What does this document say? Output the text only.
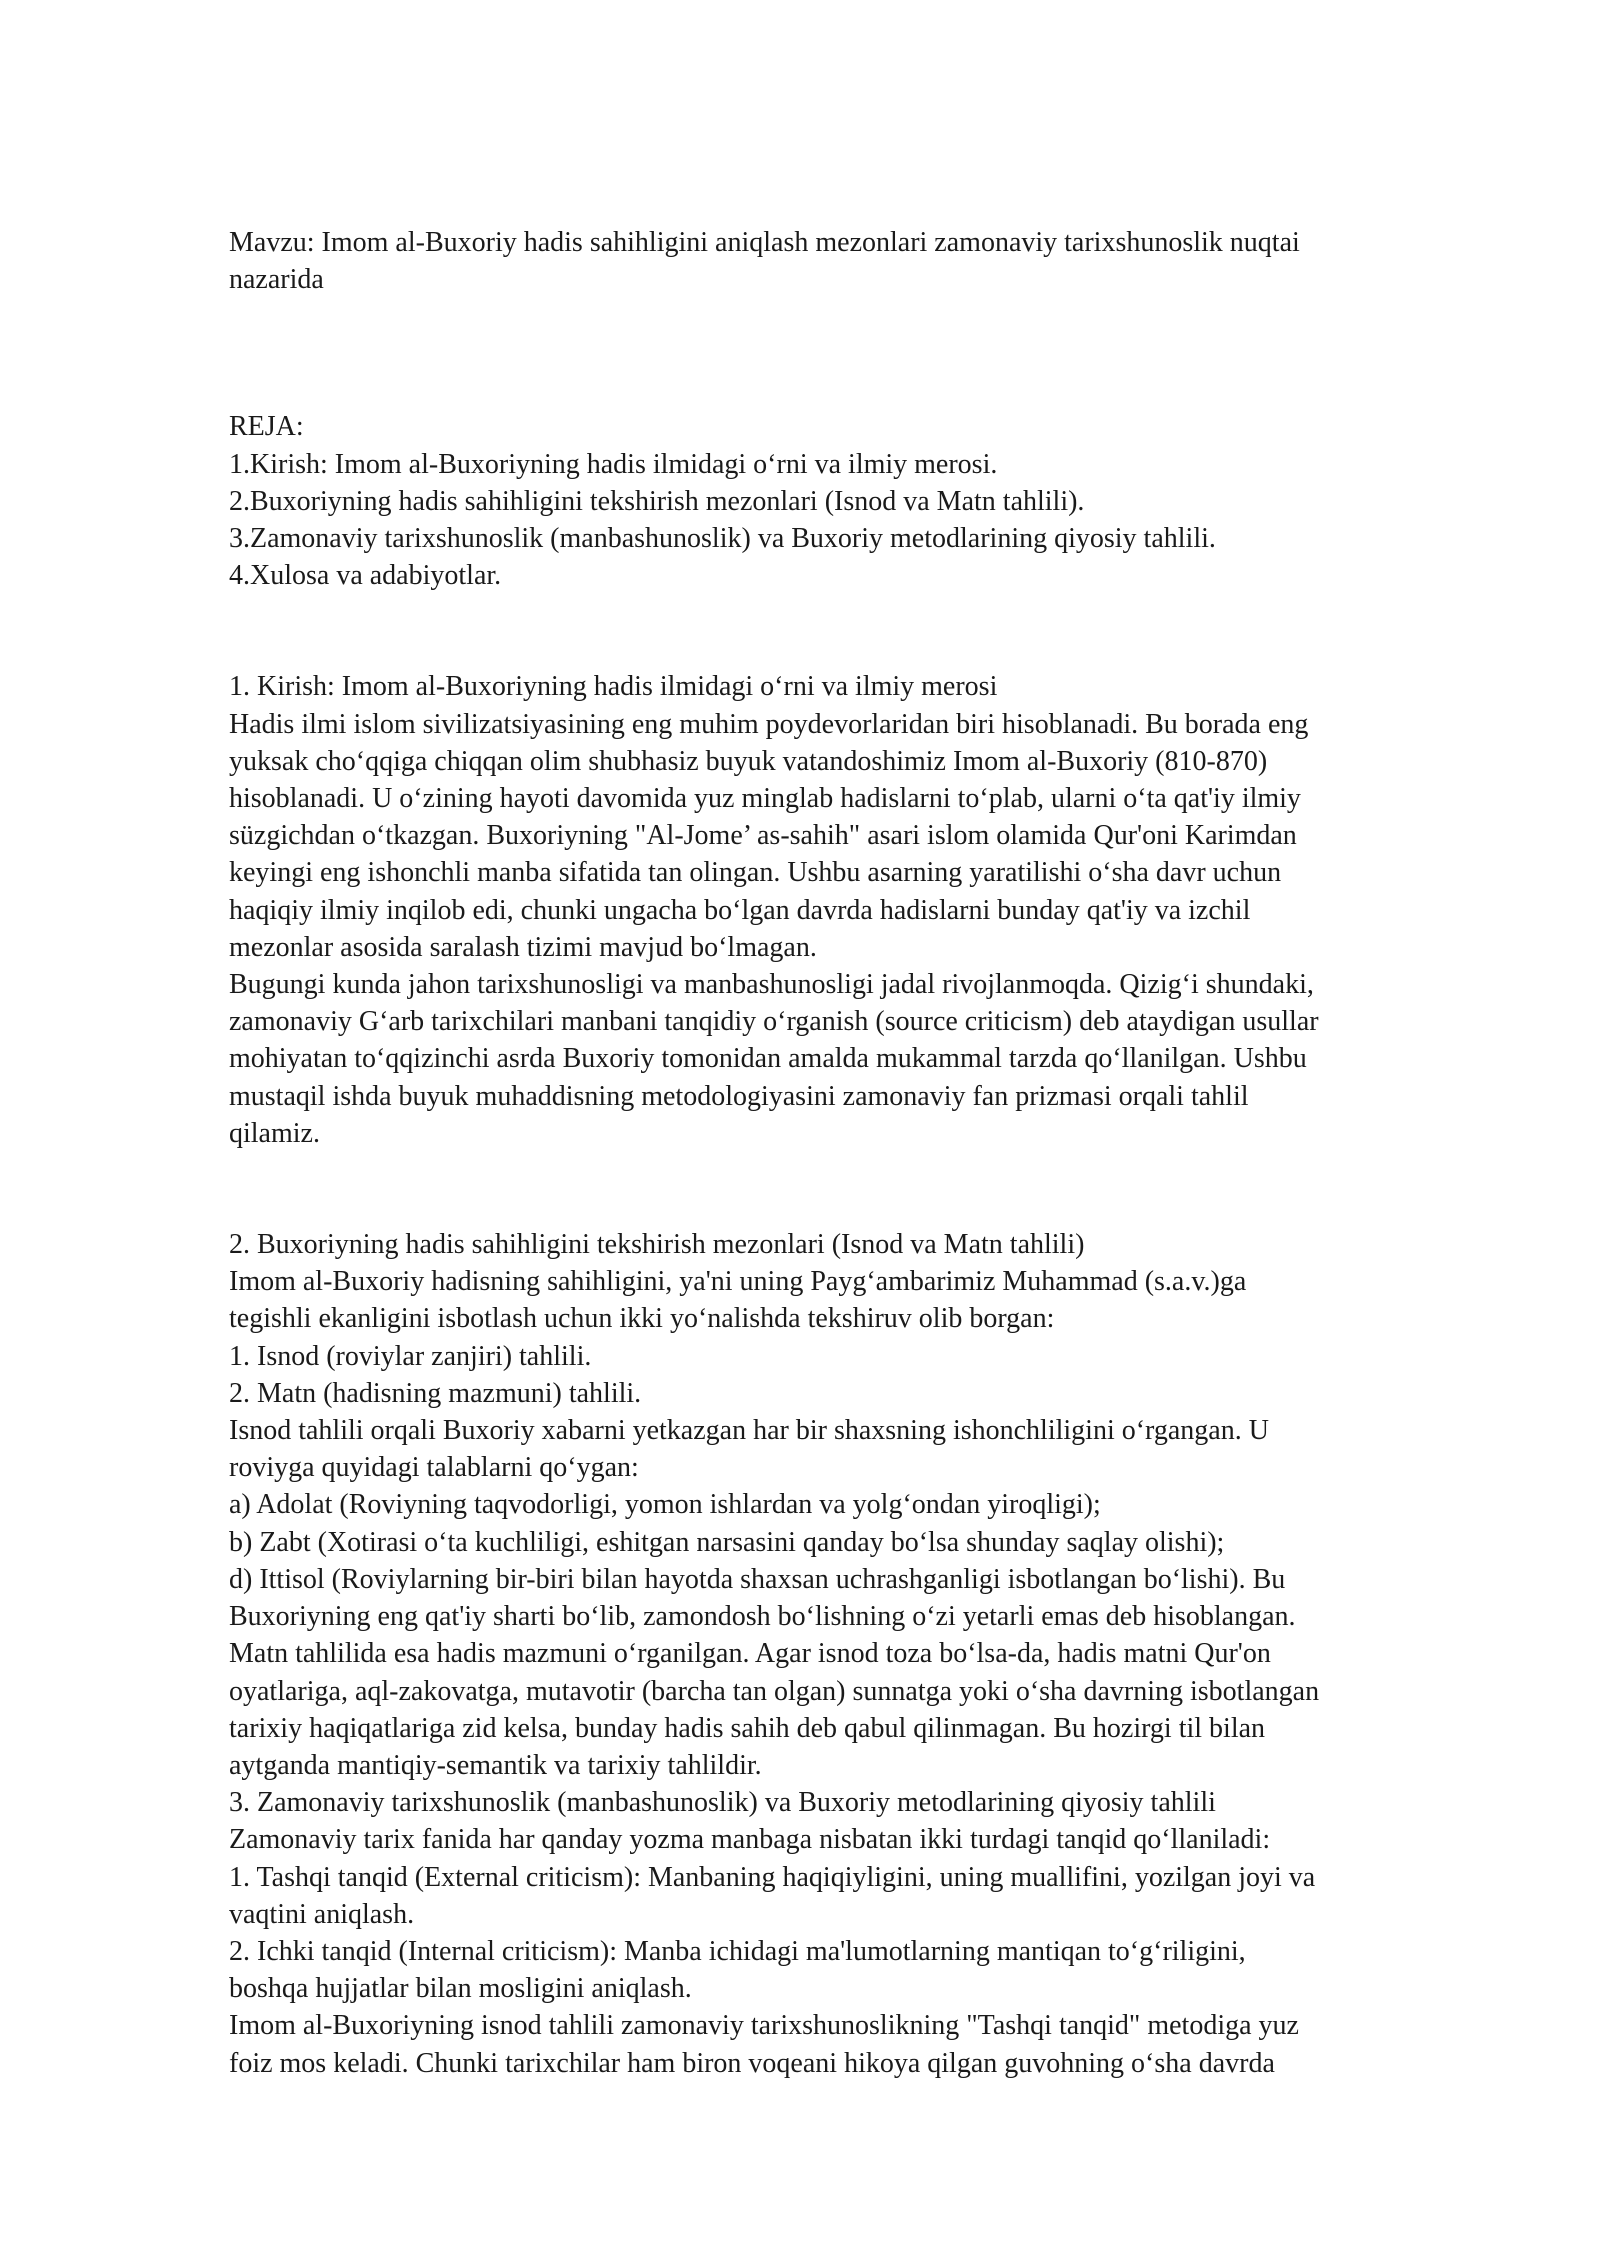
Mavzu: Imom al-Buxoriy hadis sahihligini aniqlash mezonlari zamonaviy tarixshunoslik nuqtai
nazarida
REJA:
1.Kirish: Imom al-Buxoriyning hadis ilmidagi o‘rni va ilmiy merosi.
2.Buxoriyning hadis sahihligini tekshirish mezonlari (Isnod va Matn tahlili).
3.Zamonaviy tarixshunoslik (manbashunoslik) va Buxoriy metodlarining qiyosiy tahlili.
4.Xulosa va adabiyotlar.
1. Kirish: Imom al-Buxoriyning hadis ilmidagi o‘rni va ilmiy merosi
Hadis ilmi islom sivilizatsiyasining eng muhim poydevorlaridan biri hisoblanadi. Bu borada eng
yuksak cho‘qqiga chiqqan olim shubhasiz buyuk vatandoshimiz Imom al-Buxoriy (810-870)
hisoblanadi. U o‘zining hayoti davomida yuz minglab hadislarni to‘plab, ularni o‘ta qat'iy ilmiy
süzgichdan o‘tkazgan. Buxoriyning "Al-Jome’ as-sahih" asari islom olamida Qur'oni Karimdan
keyingi eng ishonchli manba sifatida tan olingan. Ushbu asarning yaratilishi o‘sha davr uchun
haqiqiy ilmiy inqilob edi, chunki ungacha bo‘lgan davrda hadislarni bunday qat'iy va izchil
mezonlar asosida saralash tizimi mavjud bo‘lmagan.
Bugungi kunda jahon tarixshunosligi va manbashunosligi jadal rivojlanmoqda. Qizig‘i shundaki,
zamonaviy G‘arb tarixchilari manbani tanqidiy o‘rganish (source criticism) deb ataydigan usullar
mohiyatan to‘qqizinchi asrda Buxoriy tomonidan amalda mukammal tarzda qo‘llanilgan. Ushbu
mustaqil ishda buyuk muhaddisning metodologiyasini zamonaviy fan prizmasi orqali tahlil
qilamiz.
2. Buxoriyning hadis sahihligini tekshirish mezonlari (Isnod va Matn tahlili)
Imom al-Buxoriy hadisning sahihligini, ya'ni uning Payg‘ambarimiz Muhammad (s.a.v.)ga
tegishli ekanligini isbotlash uchun ikki yo‘nalishda tekshiruv olib borgan:
1. Isnod (roviylar zanjiri) tahlili.
2. Matn (hadisning mazmuni) tahlili.
Isnod tahlili orqali Buxoriy xabarni yetkazgan har bir shaxsning ishonchliligini o‘rgangan. U
roviyga quyidagi talablarni qo‘ygan:
a) Adolat (Roviyning taqvodorligi, yomon ishlardan va yolg‘ondan yiroqligi);
b) Zabt (Xotirasi o‘ta kuchliligi, eshitgan narsasini qanday bo‘lsa shunday saqlay olishi);
d) Ittisol (Roviylarning bir-biri bilan hayotda shaxsan uchrashganligi isbotlangan bo‘lishi). Bu
Buxoriyning eng qat'iy sharti bo‘lib, zamondosh bo‘lishning o‘zi yetarli emas deb hisoblangan.
Matn tahlilida esa hadis mazmuni o‘rganilgan. Agar isnod toza bo‘lsa-da, hadis matni Qur'on
oyatlariga, aql-zakovatga, mutavotir (barcha tan olgan) sunnatga yoki o‘sha davrning isbotlangan
tarixiy haqiqatlariga zid kelsa, bunday hadis sahih deb qabul qilinmagan. Bu hozirgi til bilan
aytganda mantiqiy-semantik va tarixiy tahlildir.
3. Zamonaviy tarixshunoslik (manbashunoslik) va Buxoriy metodlarining qiyosiy tahlili
Zamonaviy tarix fanida har qanday yozma manbaga nisbatan ikki turdagi tanqid qo‘llaniladi:
1. Tashqi tanqid (External criticism): Manbaning haqiqiyligini, uning muallifini, yozilgan joyi va
vaqtini aniqlash.
2. Ichki tanqid (Internal criticism): Manba ichidagi ma'lumotlarning mantiqan to‘g‘riligini,
boshqa hujjatlar bilan mosligini aniqlash.
Imom al-Buxoriyning isnod tahlili zamonaviy tarixshunoslikning "Tashqi tanqid" metodiga yuz
foiz mos keladi. Chunki tarixchilar ham biron voqeani hikoya qilgan guvohning o‘sha davrda
